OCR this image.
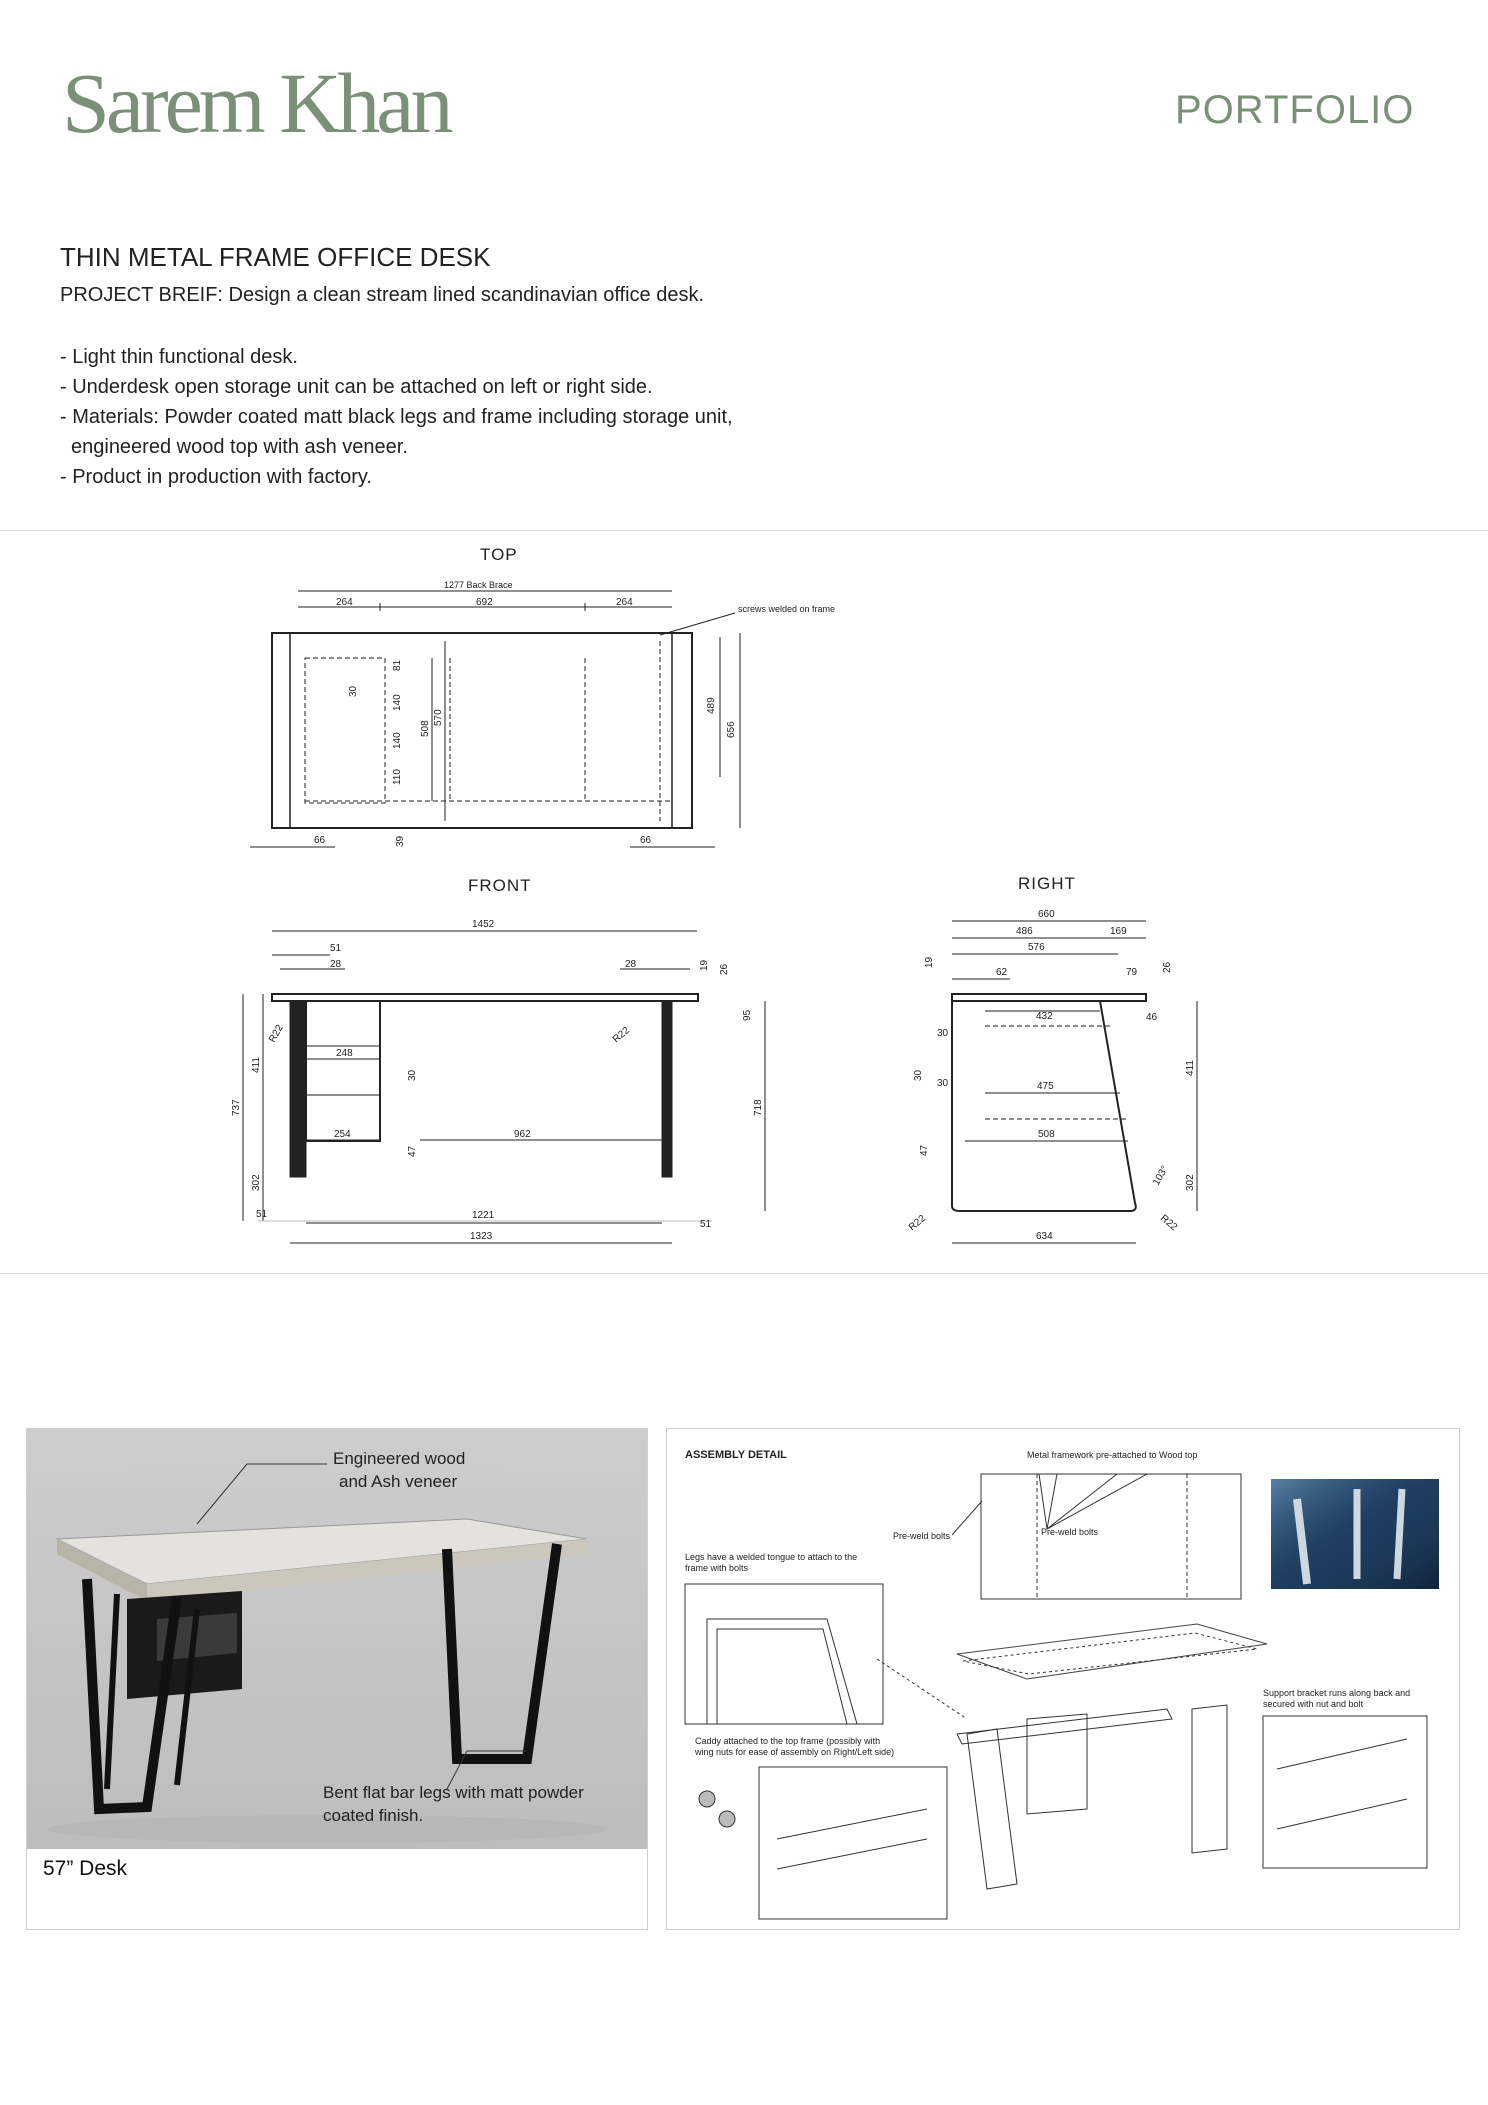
Sarem Khan	PORTFOLIO
THIN METAL FRAME OFFICE DESK
PROJECT BREIF: Design a clean stream lined scandinavian office desk.
- Light thin functional desk.
- Underdesk open storage unit can be attached on left or right side.
- Materials: Powder coated matt black legs and frame including storage unit,
engineered wood top with ash veneer.
- Product in production with factory.
TOP
1277 Back Brace
264	692	264
screws welded on frame
81
140
140
110
30
508
570
489
656
66	39	66
FRONT
1452
51
28	28	19 26
95
248
R22	R22
411
30
737	718
302
254
47
962
51	1221
51
1323
RIGHT
660
486	169
576
19
62	79 26
432	46
30
30	411
30	475
47
508
302
103°
R22	R22
634
Engineered wood
and Ash veneer
Bent flat bar legs with matt powder
coated finish.
57” Desk
ASSEMBLY DETAIL	Metal framework pre-attached to Wood top
Pre-weld bolts
Pre-weld bolts
Legs have a welded tongue to attach to the
frame with bolts
Caddy attached to the top frame (possibly with
wing nuts for ease of assembly on Right/Left side)
Support bracket runs along back and
secured with nut and bolt
